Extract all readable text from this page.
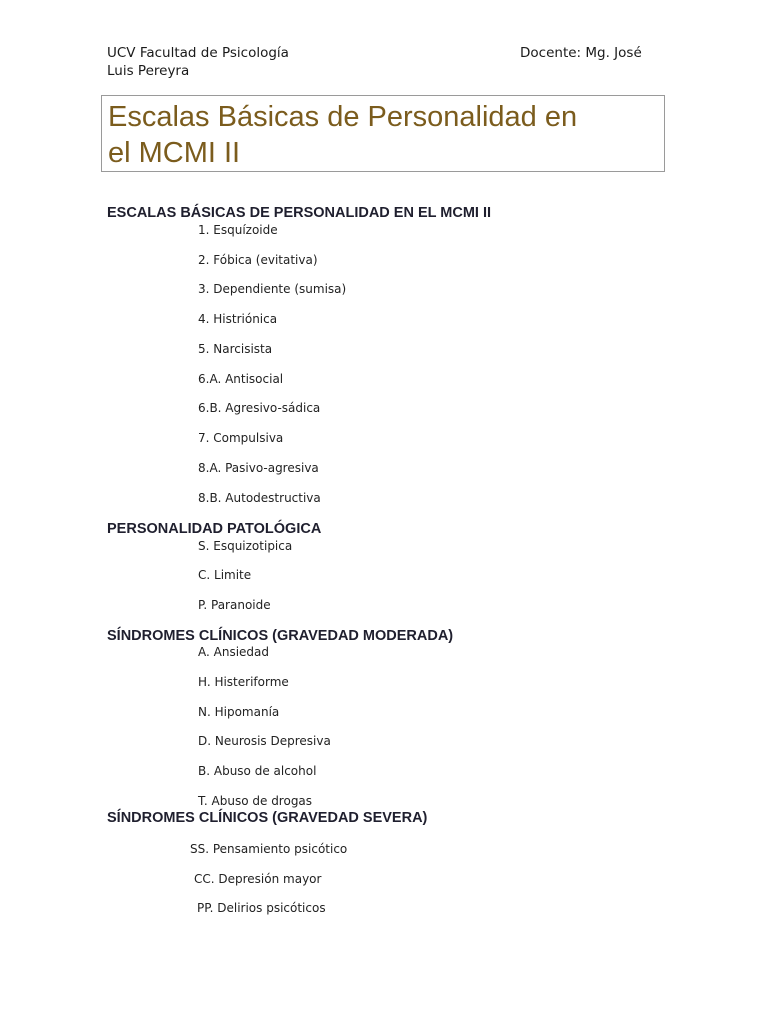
UCV Facultad de Psicología
Luis Pereyra
Docente: Mg. José
Escalas Básicas de Personalidad en
el MCMI II
ESCALAS BÁSICAS DE PERSONALIDAD EN EL MCMI II
1. Esquízoide
2. Fóbica (evitativa)
3. Dependiente (sumisa)
4. Histriónica
5. Narcisista
6.A. Antisocial
6.B. Agresivo-sádica
7. Compulsiva
8.A. Pasivo-agresiva
8.B. Autodestructiva
PERSONALIDAD PATOLÓGICA
S. Esquizotipica
C. Limite
P. Paranoide
SÍNDROMES CLÍNICOS (GRAVEDAD MODERADA)
A. Ansiedad
H. Histeriforme
N. Hipomanía
D. Neurosis Depresiva
B. Abuso de alcohol
T. Abuso de drogas
SÍNDROMES CLÍNICOS (GRAVEDAD SEVERA)
SS. Pensamiento psicótico
CC. Depresión mayor
PP. Delirios psicóticos
